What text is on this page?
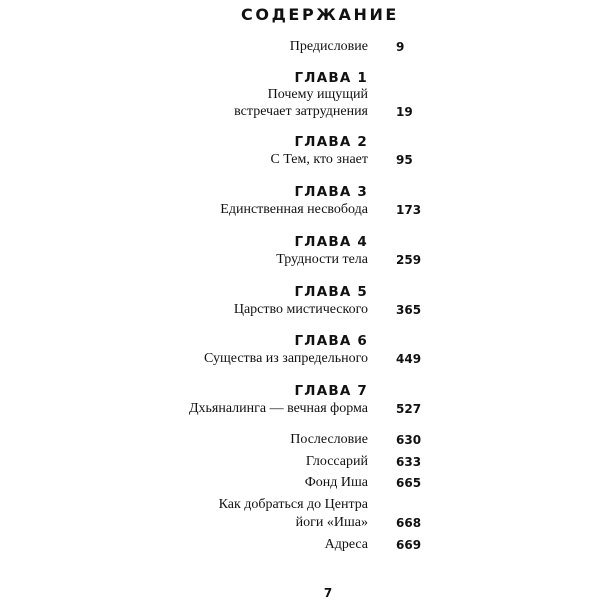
СОДЕРЖАНИЕ
Предисловие 9
ГЛАВА 1
Почему ищущий
встречает затруднения 19
ГЛАВА 2
С Тем, кто знает 95
ГЛАВА 3
Единственная несвобода 173
ГЛАВА 4
Трудности тела 259
ГЛАВА 5
Царство мистического 365
ГЛАВА 6
Существа из запредельного 449
ГЛАВА 7
Дхьяналинга — вечная форма 527
Послесловие 630
Глоссарий 633
Фонд Иша 665
Как добраться до Центра
йоги «Иша» 668
Адреса 669
7
